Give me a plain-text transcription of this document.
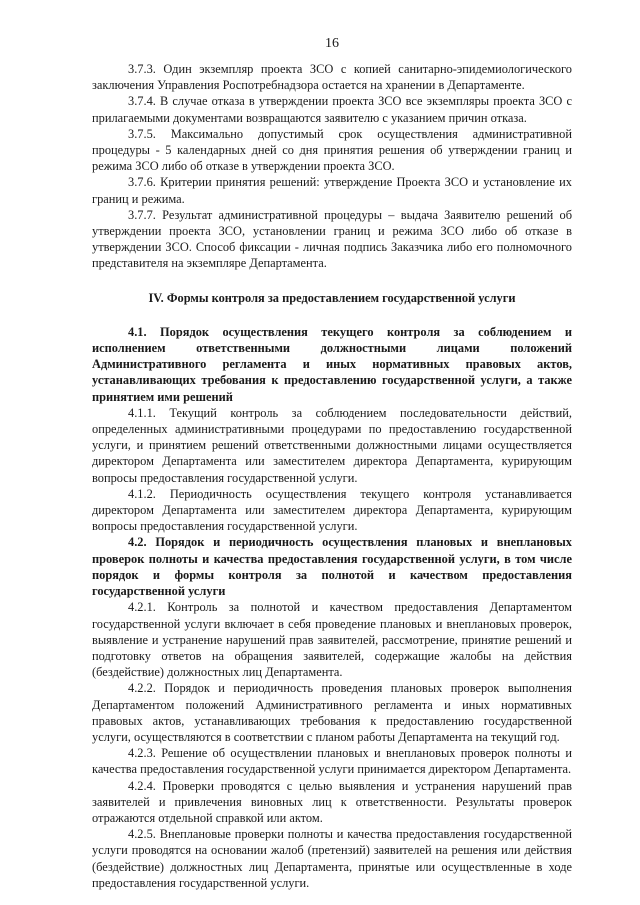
16

3.7.3. Один экземпляр проекта ЗСО с копией санитарно-эпидемиологического заключения Управления Роспотребнадзора остается на хранении в Департаменте.

3.7.4. В случае отказа в утверждении проекта ЗСО все экземпляры проекта ЗСО с прилагаемыми документами возвращаются заявителю с указанием причин отказа.

3.7.5. Максимально допустимый срок осуществления административной процедуры - 5 календарных дней со дня принятия решения об утверждении границ и режима ЗСО либо об отказе в утверждении проекта ЗСО.

3.7.6. Критерии принятия решений: утверждение Проекта ЗСО и установление их границ и режима.

3.7.7. Результат административной процедуры – выдача Заявителю решений об утверждении проекта ЗСО, установлении границ и режима ЗСО либо об отказе в утверждении ЗСО. Способ фиксации - личная подпись Заказчика либо его полномочного представителя на экземпляре Департамента.

IV. Формы контроля за предоставлением государственной услуги

4.1. Порядок осуществления текущего контроля за соблюдением и исполнением ответственными должностными лицами положений Административного регламента и иных нормативных правовых актов, устанавливающих требования к предоставлению государственной услуги, а также принятием ими решений

4.1.1. Текущий контроль за соблюдением последовательности действий, определенных административными процедурами по предоставлению государственной услуги, и принятием решений ответственными должностными лицами осуществляется директором Департамента или заместителем директора Департамента, курирующим вопросы предоставления государственной услуги.

4.1.2. Периодичность осуществления текущего контроля устанавливается директором Департамента или заместителем директора Департамента, курирующим вопросы предоставления государственной услуги.

4.2. Порядок и периодичность осуществления плановых и внеплановых проверок полноты и качества предоставления государственной услуги, в том числе порядок и формы контроля за полнотой и качеством предоставления государственной услуги

4.2.1. Контроль за полнотой и качеством предоставления Департаментом государственной услуги включает в себя проведение плановых и внеплановых проверок, выявление и устранение нарушений прав заявителей, рассмотрение, принятие решений и подготовку ответов на обращения заявителей, содержащие жалобы на действия (бездействие) должностных лиц Департамента.

4.2.2. Порядок и периодичность проведения плановых проверок выполнения Департаментом положений Административного регламента и иных нормативных правовых актов, устанавливающих требования к предоставлению государственной услуги, осуществляются в соответствии с планом работы Департамента на текущий год.

4.2.3. Решение об осуществлении плановых и внеплановых проверок полноты и качества предоставления государственной услуги принимается директором Департамента.

4.2.4. Проверки проводятся с целью выявления и устранения нарушений прав заявителей и привлечения виновных лиц к ответственности. Результаты проверок отражаются отдельной справкой или актом.

4.2.5. Внеплановые проверки полноты и качества предоставления государственной услуги проводятся на основании жалоб (претензий) заявителей на решения или действия (бездействие) должностных лиц Департамента, принятые или осуществленные в ходе предоставления государственной услуги.
